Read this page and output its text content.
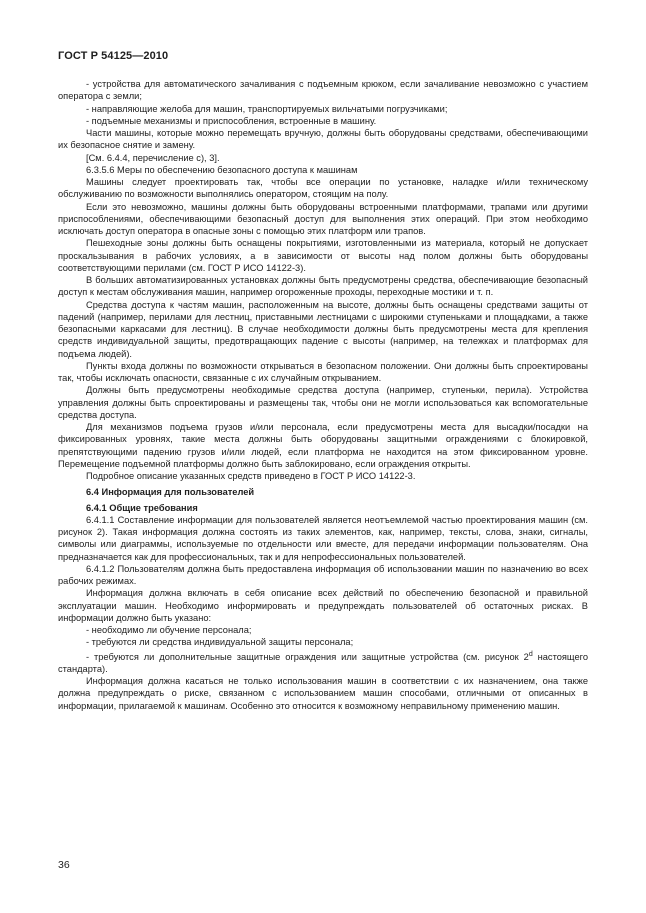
ГОСТ Р 54125—2010

- устройства для автоматического зачаливания с подъемным крюком, если зачаливание невозможно с участием оператора с земли;

- направляющие желоба для машин, транспортируемых вильчатыми погрузчиками;

- подъемные механизмы и приспособления, встроенные в машину.

Части машины, которые можно перемещать вручную, должны быть оборудованы средствами, обеспечивающими их безопасное снятие и замену.

[См. 6.4.4, перечисление с), 3].

6.3.5.6 Меры по обеспечению безопасного доступа к машинам

Машины следует проектировать так, чтобы все операции по установке, наладке и/или техническому обслуживанию по возможности выполнялись оператором, стоящим на полу.

Если это невозможно, машины должны быть оборудованы встроенными платформами, трапами или другими приспособлениями, обеспечивающими безопасный доступ для выполнения этих операций. При этом необходимо исключать доступ оператора в опасные зоны с помощью этих платформ или трапов.

Пешеходные зоны должны быть оснащены покрытиями, изготовленными из материала, который не допускает проскальзывания в рабочих условиях, а в зависимости от высоты над полом должны быть оборудованы соответствующими перилами (см. ГОСТ Р ИСО 14122-3).

В больших автоматизированных установках должны быть предусмотрены средства, обеспечивающие безопасный доступ к местам обслуживания машин, например огороженные проходы, переходные мостики и т. п.

Средства доступа к частям машин, расположенным на высоте, должны быть оснащены средствами защиты от падений (например, перилами для лестниц, приставными лестницами с широкими ступеньками и площадками, а также безопасными каркасами для лестниц). В случае необходимости должны быть предусмотрены места для крепления средств индивидуальной защиты, предотвращающих падение с высоты (например, на тележках и платформах для подъема людей).

Пункты входа должны по возможности открываться в безопасном положении. Они должны быть спроектированы так, чтобы исключать опасности, связанные с их случайным открыванием.

Должны быть предусмотрены необходимые средства доступа (например, ступеньки, перила). Устройства управления должны быть спроектированы и размещены так, чтобы они не могли использоваться как вспомогательные средства доступа.

Для механизмов подъема грузов и/или персонала, если предусмотрены места для высадки/посадки на фиксированных уровнях, такие места должны быть оборудованы защитными ограждениями с блокировкой, препятствующими падению грузов и/или людей, если платформа не находится на этом фиксированном уровне. Перемещение подъемной платформы должно быть заблокировано, если ограждения открыты.

Подробное описание указанных средств приведено в ГОСТ Р ИСО 14122-3.

6.4 Информация для пользователей
6.4.1 Общие требования

6.4.1.1 Составление информации для пользователей является неотъемлемой частью проектирования машин (см. рисунок 2). Такая информация должна состоять из таких элементов, как, например, тексты, слова, знаки, сигналы, символы или диаграммы, используемые по отдельности или вместе, для передачи информации пользователям. Она предназначается как для профессиональных, так и для непрофессиональных пользователей.

6.4.1.2 Пользователям должна быть предоставлена информация об использовании машин по назначению во всех рабочих режимах.

Информация должна включать в себя описание всех действий по обеспечению безопасной и правильной эксплуатации машин. Необходимо информировать и предупреждать пользователей об остаточных рисках. В информации должно быть указано:

- необходимо ли обучение персонала;

- требуются ли средства индивидуальной защиты персонала;

- требуются ли дополнительные защитные ограждения или защитные устройства (см. рисунок 2$^d$ настоящего стандарта).

Информация должна касаться не только использования машин в соответствии с их назначением, она также должна предупреждать о риске, связанном с использованием машин способами, отличными от описанных в информации, прилагаемой к машинам. Особенно это относится к возможному неправильному применению машин.

36
